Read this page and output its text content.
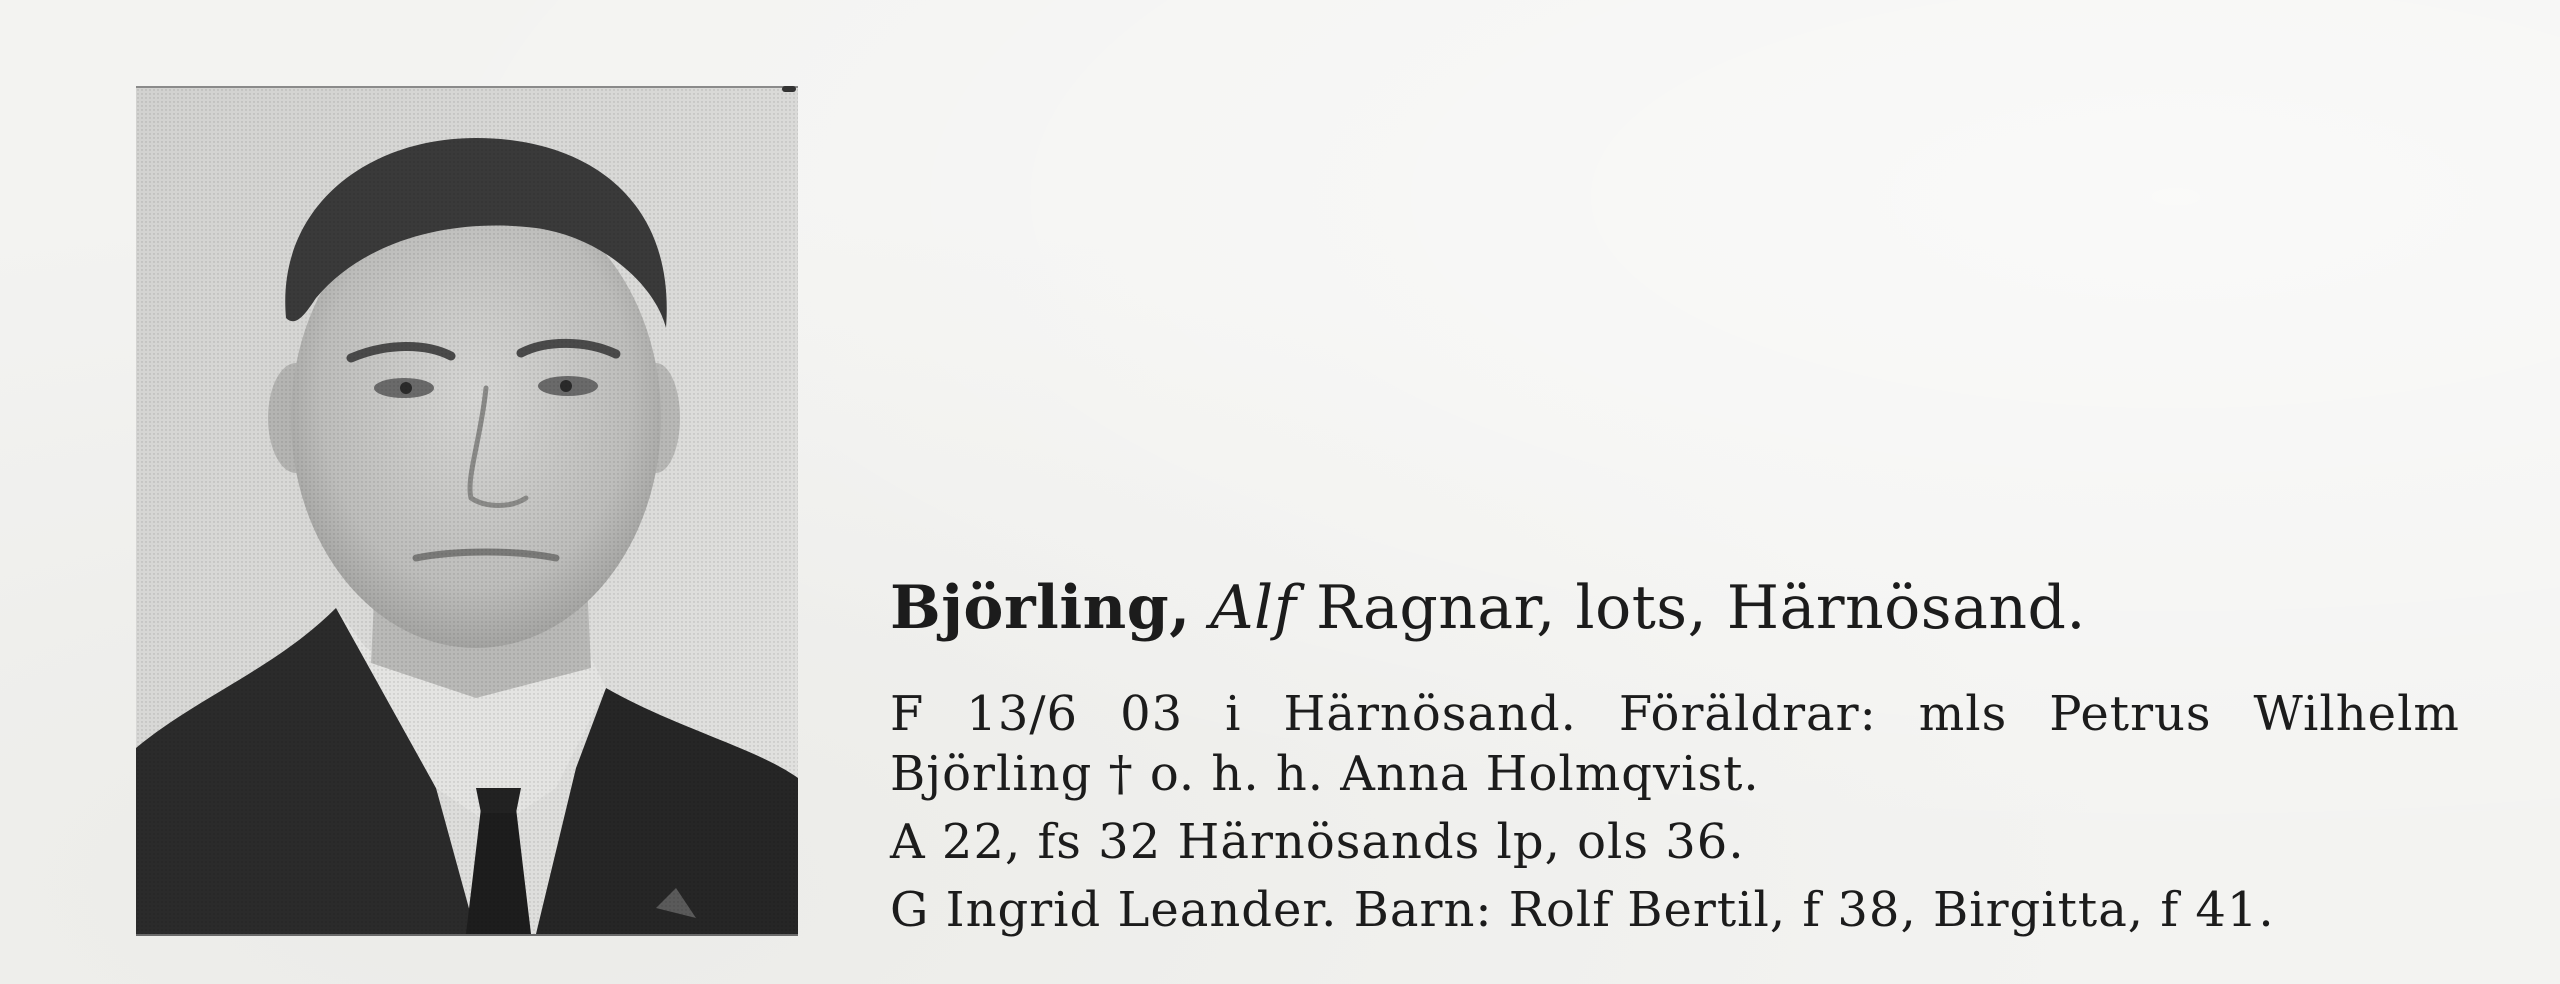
Björling, Alf Ragnar, lots, Härnösand.
F 13/6 03 i Härnösand. Föräldrar: mls Petrus Wilhelm
Björling † o. h. h. Anna Holmqvist.

A 22, fs 32 Härnösands lp, ols 36.

G Ingrid Leander. Barn: Rolf Bertil, f 38, Birgitta, f 41.
